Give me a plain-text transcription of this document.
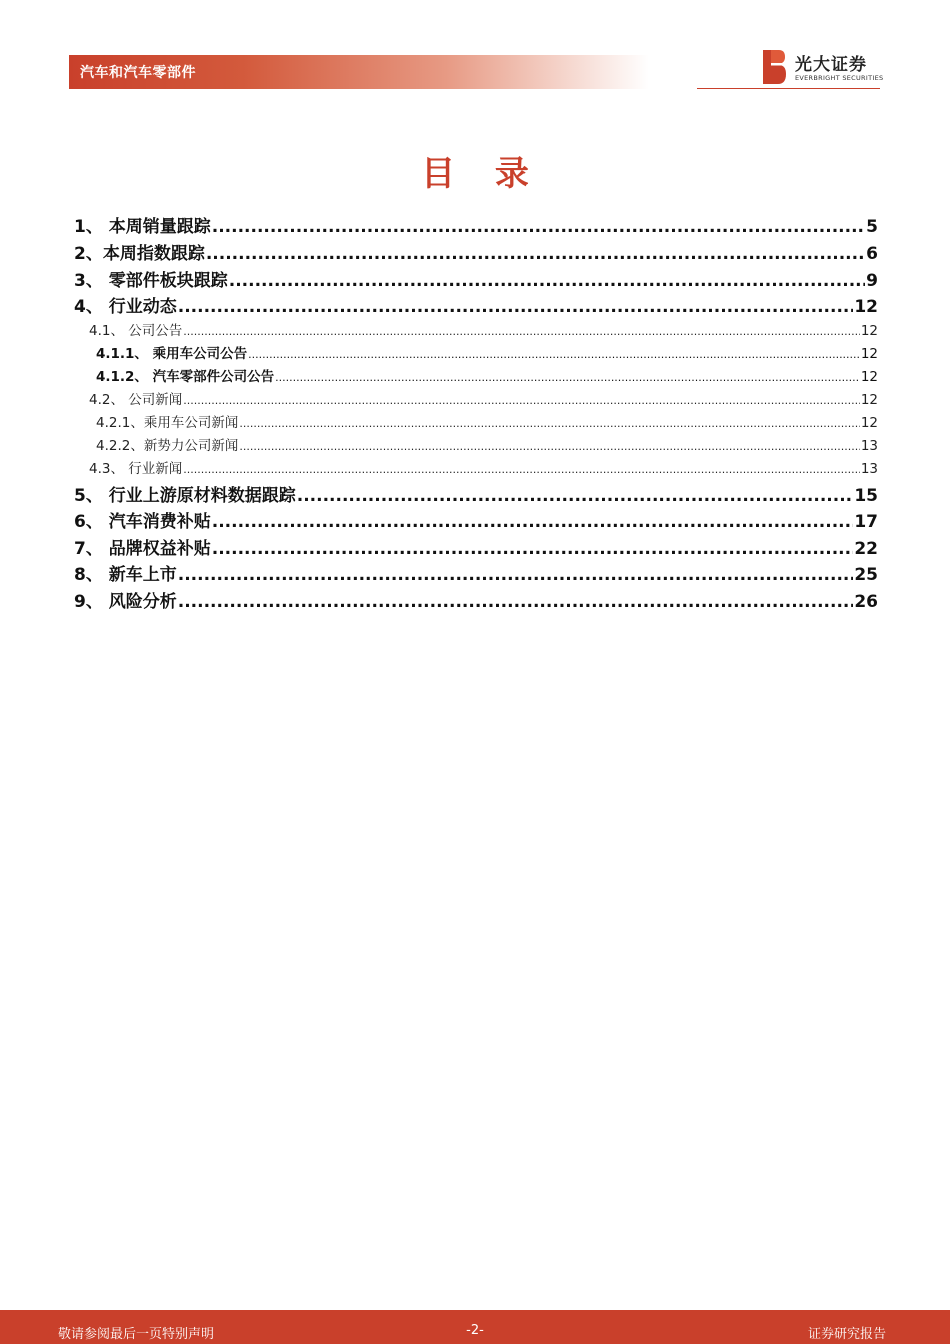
汽车和汽车零部件	光大证券
EVERBRIGHT SECURITIES
目 录
1、 本周销量跟踪 .....	5
2、本周指数跟踪 .....	6
3、 零部件板块跟踪 .....	9
4、 行业动态 .....	12
4.1、 公司公告 .....	12
4.1.1、 乘用车公司公告 .....	12
4.1.2、 汽车零部件公司公告 .....	12
4.2、 公司新闻 .....	12
4.2.1、乘用车公司新闻 .....	12
4.2.2、新势力公司新闻 .....	13
4.3、 行业新闻 .....	13
5、 行业上游原材料数据跟踪 .....	15
6、 汽车消费补贴 .....	17
7、 品牌权益补贴 .....	22
8、 新车上市 .....	25
9、 风险分析 .....	26
敬请参阅最后一页特别声明	-2-	证券研究报告
